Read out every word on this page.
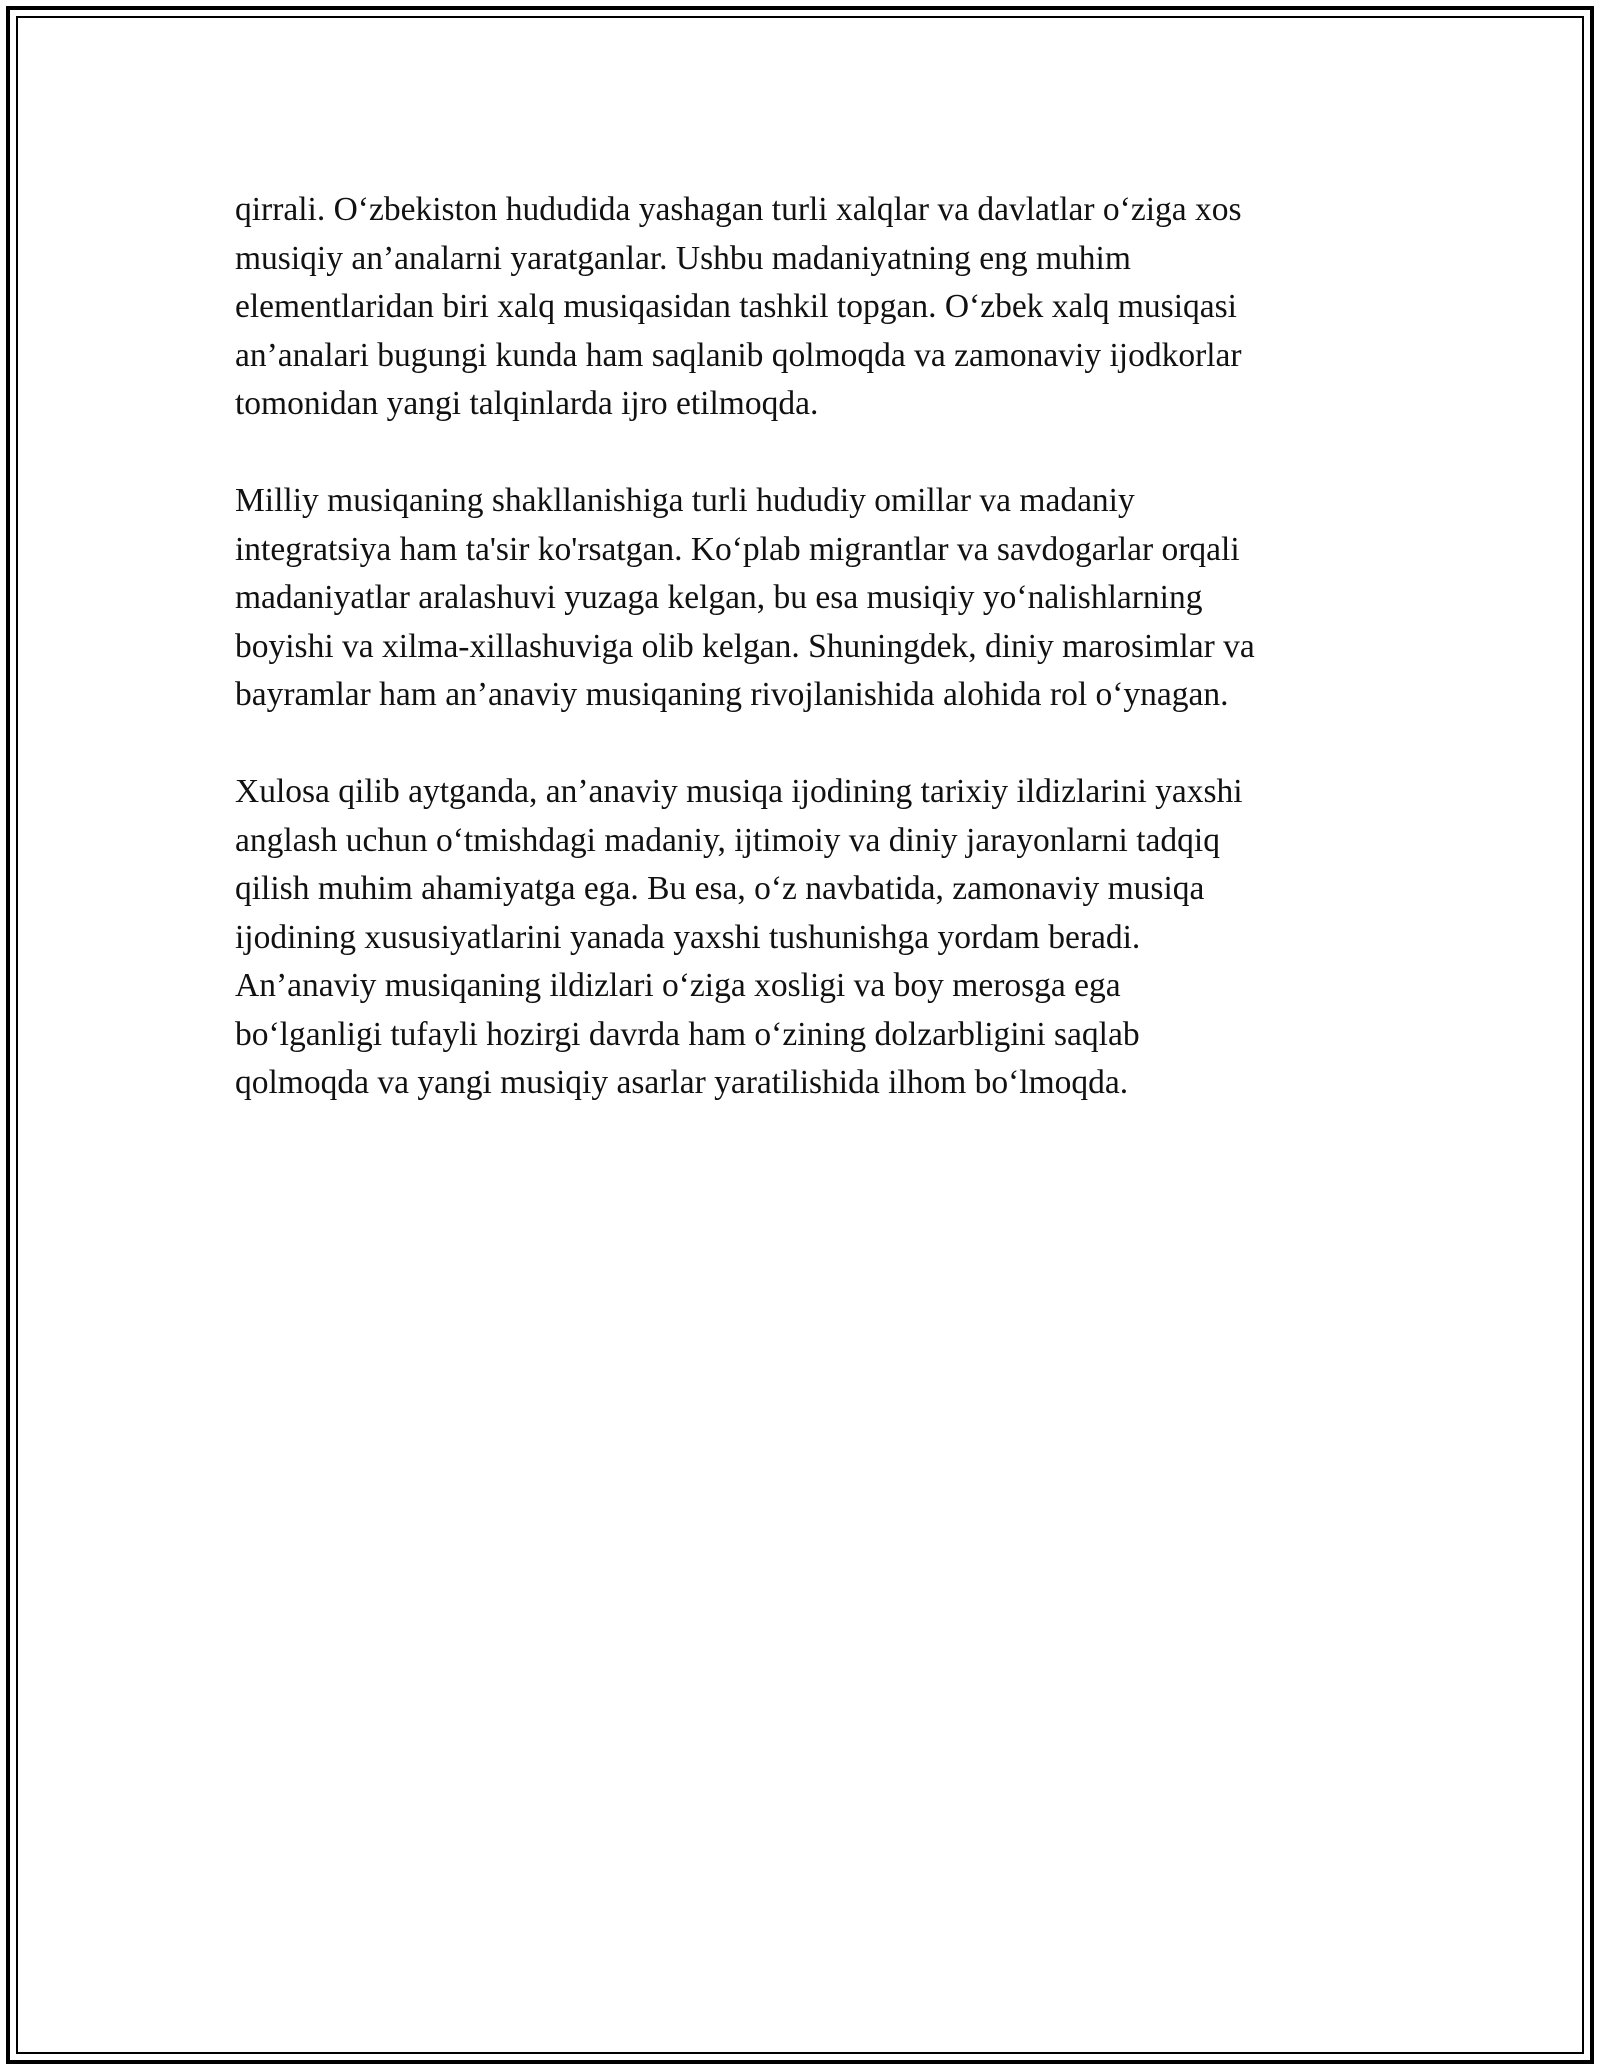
qirrali. O‘zbekiston hududida yashagan turli xalqlar va davlatlar o‘ziga xos
musiqiy an’analarni yaratganlar. Ushbu madaniyatning eng muhim
elementlaridan biri xalq musiqasidan tashkil topgan. O‘zbek xalq musiqasi
an’analari bugungi kunda ham saqlanib qolmoqda va zamonaviy ijodkorlar
tomonidan yangi talqinlarda ijro etilmoqda.

Milliy musiqaning shakllanishiga turli hududiy omillar va madaniy
integratsiya ham ta'sir ko'rsatgan. Ko‘plab migrantlar va savdogarlar orqali
madaniyatlar aralashuvi yuzaga kelgan, bu esa musiqiy yo‘nalishlarning
boyishi va xilma-xillashuviga olib kelgan. Shuningdek, diniy marosimlar va
bayramlar ham an’anaviy musiqaning rivojlanishida alohida rol o‘ynagan.

Xulosa qilib aytganda, an’anaviy musiqa ijodining tarixiy ildizlarini yaxshi
anglash uchun o‘tmishdagi madaniy, ijtimoiy va diniy jarayonlarni tadqiq
qilish muhim ahamiyatga ega. Bu esa, o‘z navbatida, zamonaviy musiqa
ijodining xususiyatlarini yanada yaxshi tushunishga yordam beradi.
An’anaviy musiqaning ildizlari o‘ziga xosligi va boy merosga ega
bo‘lganligi tufayli hozirgi davrda ham o‘zining dolzarbligini saqlab
qolmoqda va yangi musiqiy asarlar yaratilishida ilhom bo‘lmoqda.
